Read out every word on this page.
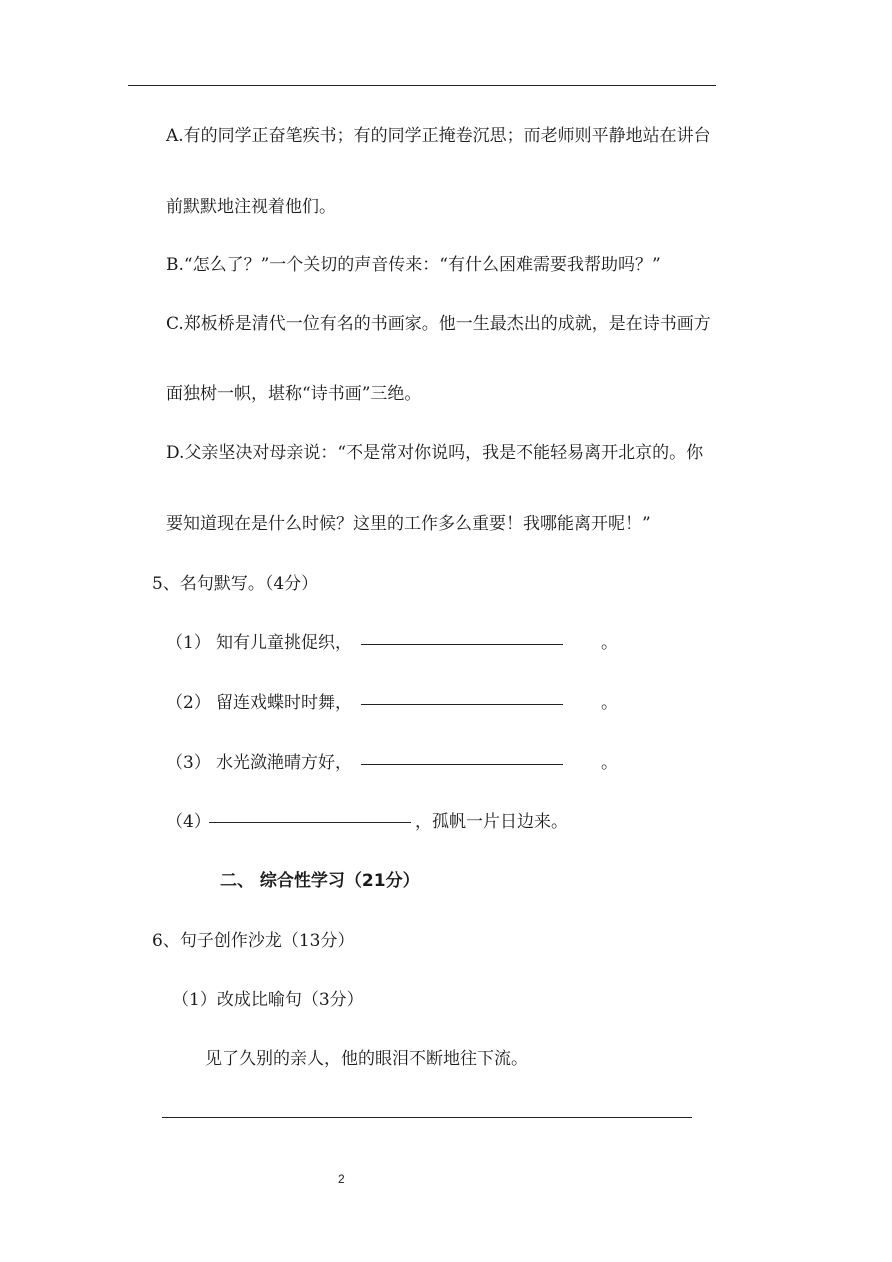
A.有的同学正奋笔疾书；有的同学正掩卷沉思；而老师则平静地站在讲台
前默默地注视着他们。
B.“怎么了？”一个关切的声音传来：“有什么困难需要我帮助吗？”
C.郑板桥是清代一位有名的书画家。他一生最杰出的成就，是在诗书画方
面独树一帜，堪称“诗书画”三绝。
D.父亲坚决对母亲说：“不是常对你说吗，我是不能轻易离开北京的。你
要知道现在是什么时候？这里的工作多么重要！我哪能离开呢！”
5、名句默写。（4分）
（1） 知有儿童挑促织，	。
（2） 留连戏蝶时时舞，	。
（3） 水光潋滟晴方好，	。
（4）	，孤帆一片日边来。
二、 综合性学习（21分）
6、句子创作沙龙（13分）
（1）改成比喻句（3分）
见了久别的亲人，他的眼泪不断地往下流。
2
